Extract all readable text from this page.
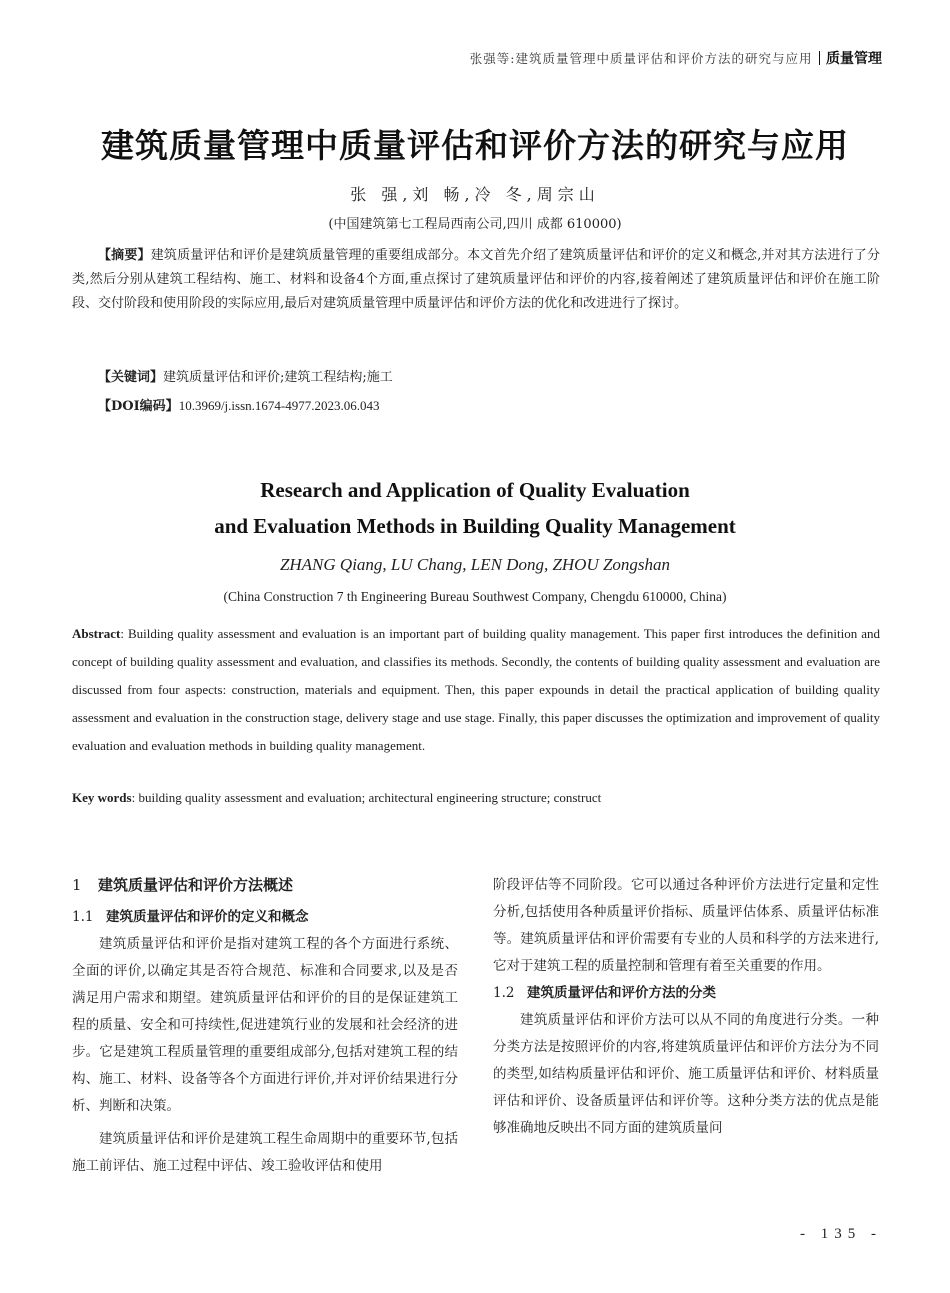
张强等:建筑质量管理中质量评估和评价方法的研究与应用 质量管理
建筑质量管理中质量评估和评价方法的研究与应用
张 强,刘 畅,冷 冬,周宗山
(中国建筑第七工程局西南公司,四川 成都 610000)

【摘要】建筑质量评估和评价是建筑质量管理的重要组成部分。本文首先介绍了建筑质量评估和评价的定义和概念,并对其方法进行了分类,然后分别从建筑工程结构、施工、材料和设备4个方面,重点探讨了建筑质量评估和评价的内容,接着阐述了建筑质量评估和评价在施工阶段、交付阶段和使用阶段的实际应用,最后对建筑质量管理中质量评估和评价方法的优化和改进进行了探讨。

【关键词】建筑质量评估和评价;建筑工程结构;施工
【DOI编码】10.3969/j.issn.1674-4977.2023.06.043
Research and Application of Quality Evaluation
and Evaluation Methods in Building Quality Management
ZHANG Qiang, LU Chang, LEN Dong, ZHOU Zongshan
(China Construction 7 th Engineering Bureau Southwest Company, Chengdu 610000, China)

Abstract: Building quality assessment and evaluation is an important part of building quality management. This paper first introduces the definition and concept of building quality assessment and evaluation, and classifies its methods. Secondly, the contents of building quality assessment and evaluation are discussed from four aspects: construction, materials and equipment. Then, this paper expounds in detail the practical application of building quality assessment and evaluation in the construction stage, delivery stage and use stage. Finally, this paper discusses the optimization and improvement of quality evaluation and evaluation methods in building quality management.

Key words: building quality assessment and evaluation; architectural engineering structure; construct
1 建筑质量评估和评价方法概述
1.1 建筑质量评估和评价的定义和概念

建筑质量评估和评价是指对建筑工程的各个方面进行系统、全面的评价,以确定其是否符合规范、标准和合同要求,以及是否满足用户需求和期望。建筑质量评估和评价的目的是保证建筑工程的质量、安全和可持续性,促进建筑行业的发展和社会经济的进步。它是建筑工程质量管理的重要组成部分,包括对建筑工程的结构、施工、材料、设备等各个方面进行评价,并对评价结果进行分析、判断和决策。

建筑质量评估和评价是建筑工程生命周期中的重要环节,包括施工前评估、施工过程中评估、竣工验收评估和使用

阶段评估等不同阶段。它可以通过各种评价方法进行定量和定性分析,包括使用各种质量评价指标、质量评估体系、质量评估标准等。建筑质量评估和评价需要有专业的人员和科学的方法来进行,它对于建筑工程的质量控制和管理有着至关重要的作用。

1.2 建筑质量评估和评价方法的分类

建筑质量评估和评价方法可以从不同的角度进行分类。一种分类方法是按照评价的内容,将建筑质量评估和评价方法分为不同的类型,如结构质量评估和评价、施工质量评估和评价、材料质量评估和评价、设备质量评估和评价等。这种分类方法的优点是能够准确地反映出不同方面的建筑质量问

- 135 -
